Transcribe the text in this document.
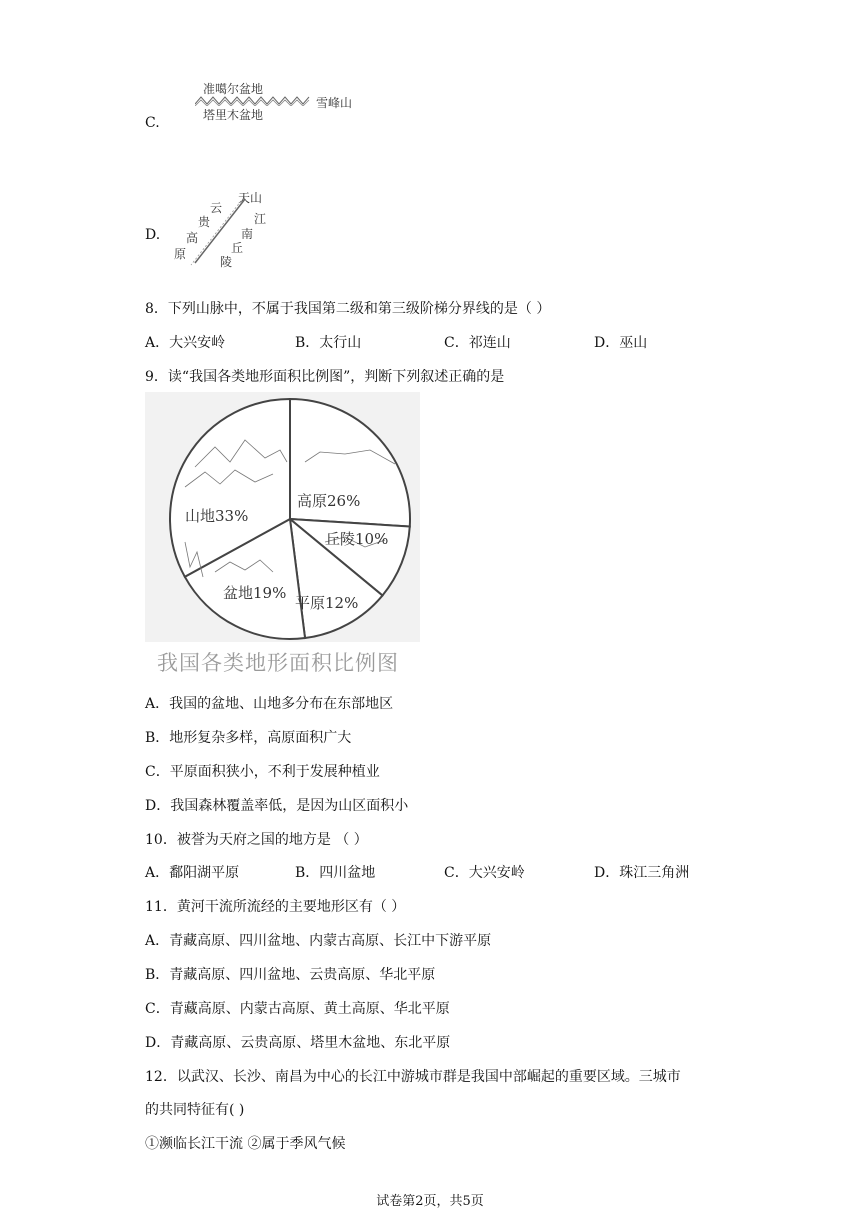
C.
准噶尔盆地
雪峰山
塔里木盆地
D.
天山
云
贵	江
高	南
原	丘
陵
8．下列山脉中，不属于我国第二级和第三级阶梯分界线的是（ ）
A．大兴安岭	B．太行山	C．祁连山	D．巫山
9．读“我国各类地形面积比例图”，判断下列叙述正确的是
山地33%
高原26%
丘陵10%
平原12%
盆地19%
我国各类地形面积比例图
A．我国的盆地、山地多分布在东部地区
B．地形复杂多样，高原面积广大
C．平原面积狭小，不利于发展种植业
D．我国森林覆盖率低，是因为山区面积小
10．被誉为天府之国的地方是 （ ）
A．鄱阳湖平原	B．四川盆地	C．大兴安岭	D．珠江三角洲
11．黄河干流所流经的主要地形区有（ ）
A．青藏高原、四川盆地、内蒙古高原、长江中下游平原
B．青藏高原、四川盆地、云贵高原、华北平原
C．青藏高原、内蒙古高原、黄土高原、华北平原
D．青藏高原、云贵高原、塔里木盆地、东北平原
12．以武汉、长沙、南昌为中心的长江中游城市群是我国中部崛起的重要区域。三城市
的共同特征有( )
①濒临长江干流 ②属于季风气候
试卷第2页，共5页
